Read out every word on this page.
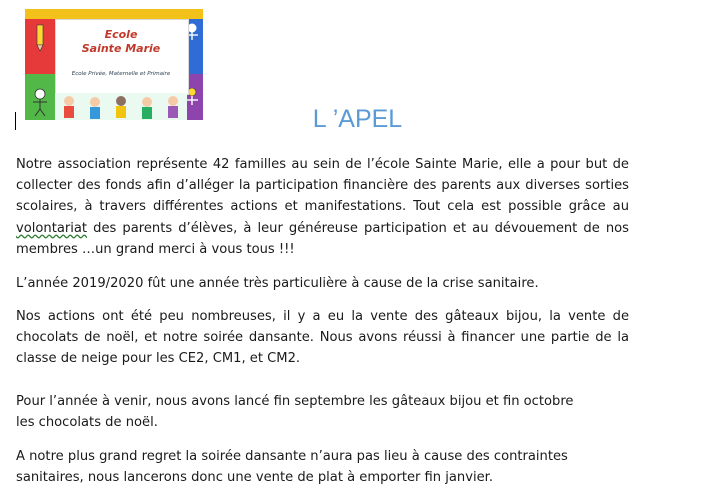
Ecole
Sainte Marie
Ecole Privée, Maternelle et Primaire
L ’APEL
Notre association représente 42 familles au sein de l’école Sainte Marie, elle a pour but de collecter des fonds afin d’alléger la participation financière des parents aux diverses sorties scolaires, à travers différentes actions et manifestations. Tout cela est possible grâce au volontariat des parents d’élèves, à leur généreuse participation et au dévouement de nos membres …un grand merci à vous tous !!!
L’année 2019/2020 fût une année très particulière à cause de la crise sanitaire.
Nos actions ont été peu nombreuses, il y a eu la vente des gâteaux bijou, la vente de chocolats de noël, et notre soirée dansante. Nous avons réussi à financer une partie de la classe de neige pour les CE2, CM1, et CM2.
Pour l’année à venir, nous avons lancé fin septembre les gâteaux bijou et fin octobre
les chocolats de noël.
A notre plus grand regret la soirée dansante n’aura pas lieu à cause des contraintes
sanitaires, nous lancerons donc une vente de plat à emporter fin janvier.
